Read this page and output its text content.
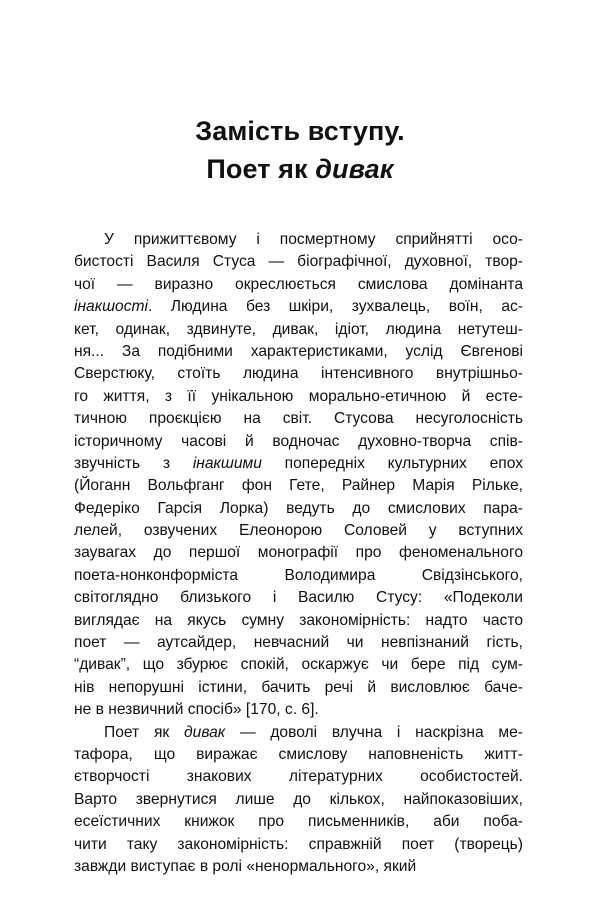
Замість вступу.
Поет як дивак
У прижиттєвому і посмертному сприйнятті осо-
бистості Василя Стуса — біографічної, духовної, твор-
чої — виразно окреслюється смислова домінанта
інакшості. Людина без шкіри, зухвалець, воїн, ас-
кет, одинак, здвинуте, дивак, ідіот, людина нетутеш-
ня... За подібними характеристиками, услід Євгенові
Сверстюку, стоїть людина інтенсивного внутрішньо-
го життя, з її унікальною морально-етичною й есте-
тичною проєкцією на світ. Стусова несуголосність
історичному часові й водночас духовно-творча спів-
звучність з інакшими попередніх культурних епох
(Йоганн Вольфганг фон Гете, Райнер Марія Рільке,
Федеріко Гарсія Лорка) ведуть до смислових пара-
лелей, озвучених Елеонорою Соловей у вступних
заувагах до першої монографії про феноменального
поета-нонконформіста Володимира Свідзінського,
світоглядно близького і Василю Стусу: «Подеколи
виглядає на якусь сумну закономірність: надто часто
поет — аутсайдер, невчасний чи невпізнаний гість,
“дивак”, що збурює спокій, оскаржує чи бере під сум-
нів непорушні істини, бачить речі й висловлює баче-
не в незвичний спосіб» [170, с. 6].
Поет як дивак — доволі влучна і наскрізна ме-
тафора, що виражає смислову наповненість житт-
єтворчості знакових літературних особистостей.
Варто звернутися лише до кількох, найпоказовіших,
есеїстичних книжок про письменників, аби поба-
чити таку закономірність: справжній поет (творець)
завжди виступає в ролі «ненормального», який
